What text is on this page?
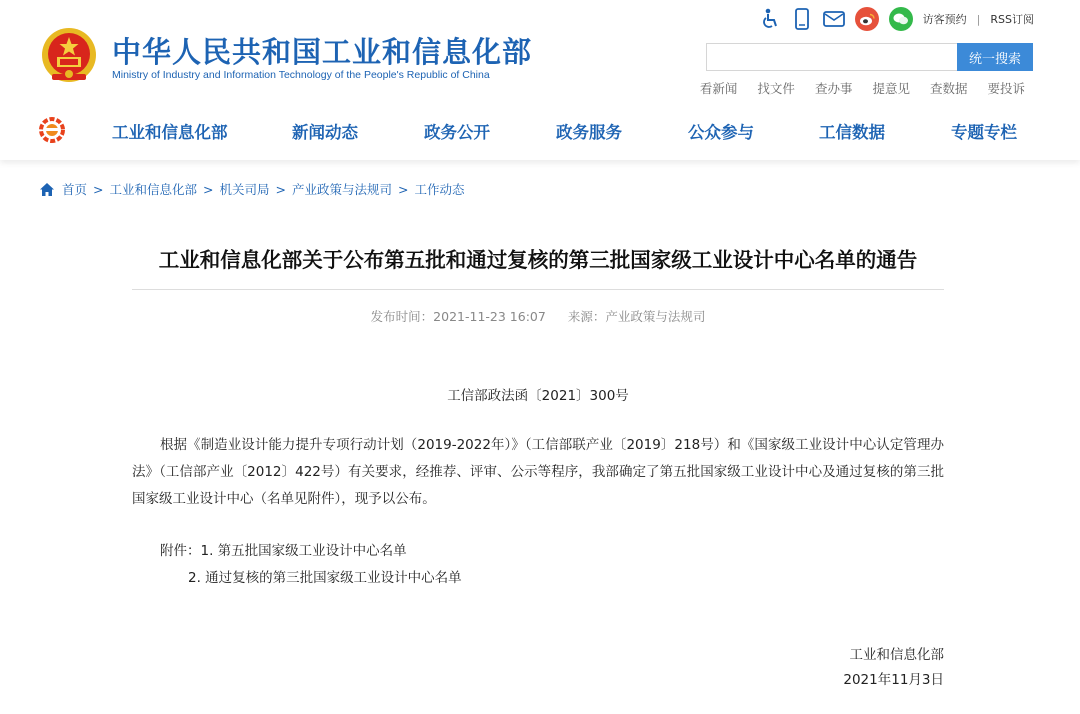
中华人民共和国工业和信息化部
Ministry of Industry and Information Technology of the People's Republic of China
访客预约 | RSS订阅
统一搜索
看新闻 找文件 查办事 提意见 查数据 要投诉
工业和信息化部	新闻动态	政务公开	政务服务	公众参与	工信数据	专题专栏
首页 > 工业和信息化部 > 机关司局 > 产业政策与法规司 > 工作动态
工业和信息化部关于公布第五批和通过复核的第三批国家级工业设计中心名单的通告
发布时间：2021-11-23 16:07 来源：产业政策与法规司
工信部政法函〔2021〕300号

根据《制造业设计能力提升专项行动计划（2019-2022年）》（工信部联产业〔2019〕218号）和《国家级工业设计中心认定管理办法》（工信部产业〔2012〕422号）有关要求，经推荐、评审、公示等程序，我部确定了第五批国家级工业设计中心及通过复核的第三批国家级工业设计中心（名单见附件），现予以公布。

附件：1. 第五批国家级工业设计中心名单
2. 通过复核的第三批国家级工业设计中心名单
工业和信息化部
2021年11月3日
